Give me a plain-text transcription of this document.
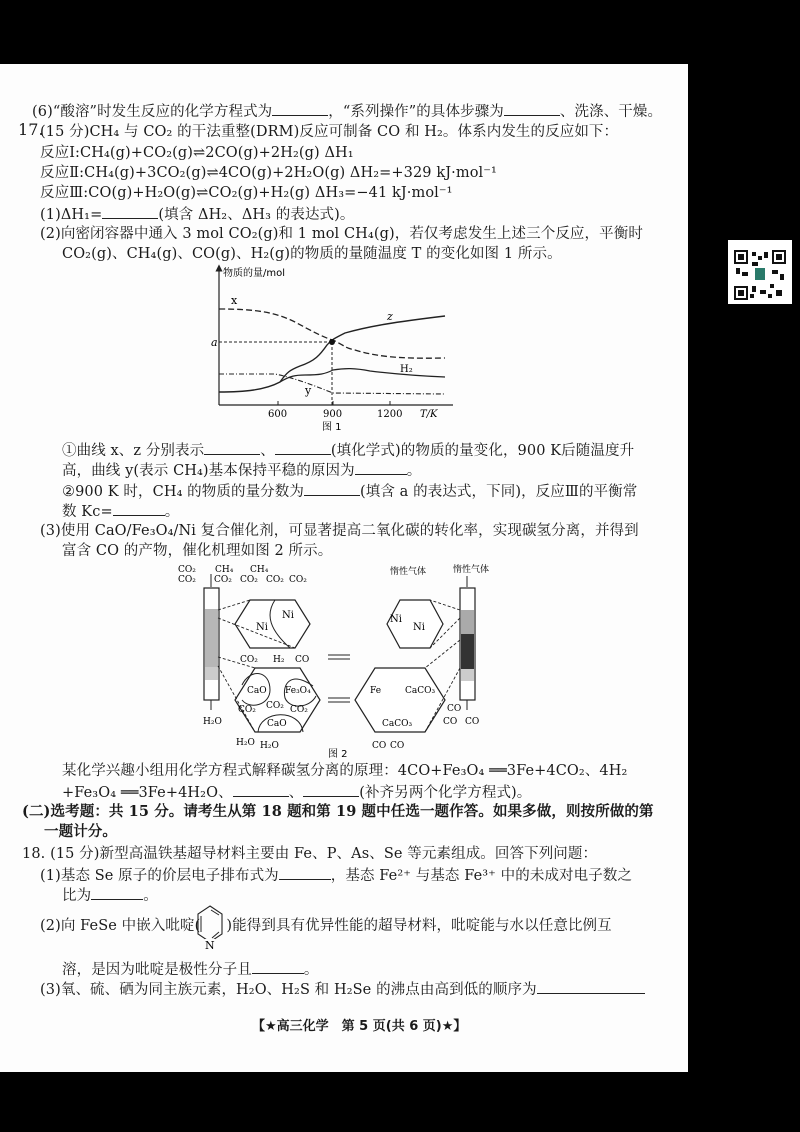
(6)“酸溶”时发生反应的化学方程式为	，“系列操作”的具体步骤为	、洗涤、干燥。
17.
(15 分)CH₄ 与 CO₂ 的干法重整(DRM)反应可制备 CO 和 H₂。体系内发生的反应如下：
反应Ⅰ:CH₄(g)+CO₂(g)⇌2CO(g)+2H₂(g) ΔH₁
反应Ⅱ:CH₄(g)+3CO₂(g)⇌4CO(g)+2H₂O(g) ΔH₂=+329 kJ·mol⁻¹
反应Ⅲ:CO(g)+H₂O(g)⇌CO₂(g)+H₂(g) ΔH₃=−41 kJ·mol⁻¹
(1)ΔH₁=	(填含 ΔH₂、ΔH₃ 的表达式)。
(2)向密闭容器中通入 3 mol CO₂(g)和 1 mol CH₄(g)，若仅考虑发生上述三个反应，平衡时
CO₂(g)、CH₄(g)、CO(g)、H₂(g)的物质的量随温度 T 的变化如图 1 所示。
物质的量/mol
a
x
z
H₂
y
600	900	1200 T/K
图 1
①曲线 x、z 分别表示	、	(填化学式)的物质的量变化，900 K后随温度升
高，曲线 y(表示 CH₄)基本保持平稳的原因为	。
②900 K 时，CH₄ 的物质的量分数为	(填含 a 的表达式，下同)，反应Ⅲ的平衡常
数 Kc=	。
(3)使用 CaO/Fe₃O₄/Ni 复合催化剂，可显著提高二氧化碳的转化率，实现碳氢分离，并得到
富含 CO 的产物，催化机理如图 2 所示。
CO₂ CH₄
CO₂ CO₂
H₂O
Ni
Ni
CH₄
CO₂ CO₂ CO₂
CO₂ H₂ CO
CaO Fe₃O₄
CO₂ CO₂ CO₂
CaO
H₂O H₂O
Ni
Ni
惰性气体	惰性气体
Fe	CaCO₃
CaCO₃
CO CO
CO
CO CO
图 2
某化学兴趣小组用化学方程式解释碳氢分离的原理：4CO+Fe₃O₄ ══3Fe+4CO₂、4H₂
+Fe₃O₄ ══3Fe+4H₂O、	、	(补齐另两个化学方程式)。
(二)选考题：共 15 分。请考生从第 18 题和第 19 题中任选一题作答。如果多做，则按所做的第
一题计分。
18. (15 分)新型高温铁基超导材料主要由 Fe、P、As、Se 等元素组成。回答下列问题：
(1)基态 Se 原子的价层电子排布式为	，基态 Fe²⁺ 与基态 Fe³⁺ 中的未成对电子数之
比为	。
(2)向 FeSe 中嵌入吡啶( )能得到具有优异性能的超导材料，吡啶能与水以任意比例互
N
溶，是因为吡啶是极性分子且	。
(3)氧、硫、硒为同主族元素，H₂O、H₂S 和 H₂Se 的沸点由高到低的顺序为
【★高三化学　第 5 页(共 6 页)★】
